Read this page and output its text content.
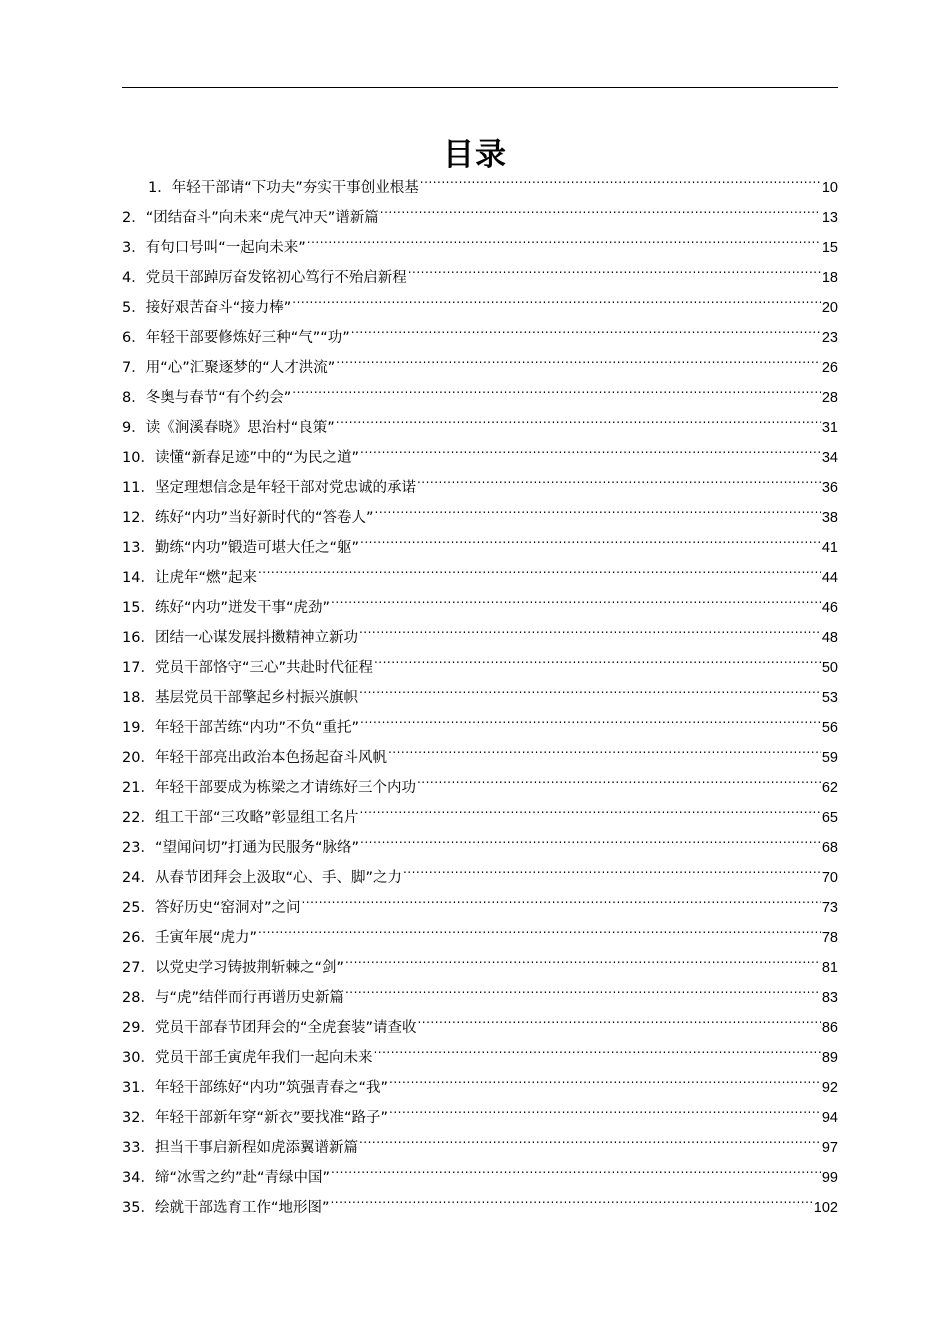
目录
1． 年轻干部请“下功夫”夯实干事创业根基 .....	10
2． “团结奋斗”向未来“虎气冲天”谱新篇 .....	13
3． 有句口号叫“一起向未来” .....	15
4． 党员干部踔厉奋发铭初心笃行不殆启新程 .....	18
5． 接好艰苦奋斗“接力棒” .....	20
6． 年轻干部要修炼好三种“气”“功” .....	23
7． 用“心”汇聚逐梦的“人才洪流” .....	26
8． 冬奥与春节“有个约会” .....	28
9． 读《涧溪春晓》思治村“良策” .....	31
10． 读懂“新春足迹”中的“为民之道” .....	34
11． 坚定理想信念是年轻干部对党忠诚的承诺 .....	36
12． 练好“内功”当好新时代的“答卷人” .....	38
13． 勤练“内功”锻造可堪大任之“躯” .....	41
14． 让虎年“燃”起来 .....	44
15． 练好“内功”迸发干事“虎劲” .....	46
16． 团结一心谋发展抖擞精神立新功 .....	48
17． 党员干部恪守“三心”共赴时代征程 .....	50
18． 基层党员干部擎起乡村振兴旗帜 .....	53
19． 年轻干部苦练“内功”不负“重托” .....	56
20． 年轻干部亮出政治本色扬起奋斗风帆 .....	59
21． 年轻干部要成为栋梁之才请练好三个内功 .....	62
22． 组工干部“三攻略”彰显组工名片 .....	65
23． “望闻问切”打通为民服务“脉络” .....	68
24． 从春节团拜会上汲取“心、手、脚”之力 .....	70
25． 答好历史“窑洞对”之问 .....	73
26． 壬寅年展“虎力” .....	78
27． 以党史学习铸披荆斩棘之“剑” .....	81
28． 与“虎”结伴而行再谱历史新篇 .....	83
29． 党员干部春节团拜会的“全虎套装”请查收 .....	86
30． 党员干部壬寅虎年我们一起向未来 .....	89
31． 年轻干部练好“内功”筑强青春之“我” .....	92
32． 年轻干部新年穿“新衣”要找准“路子” .....	94
33． 担当干事启新程如虎添翼谱新篇 .....	97
34． 缔“冰雪之约”赴“青绿中国” .....	99
35． 绘就干部选育工作“地形图” .....	102
